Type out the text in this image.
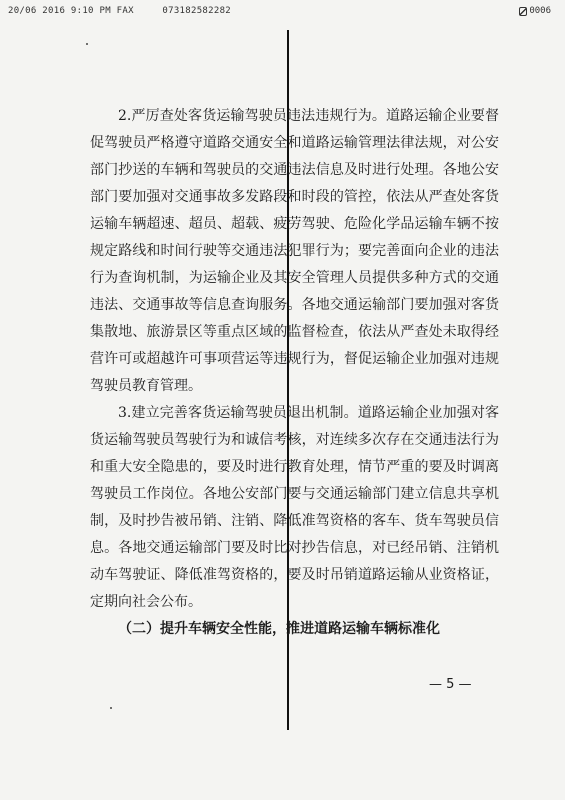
20/06 2016 9:10 PM FAX	073182582282	0006

2.严厉查处客货运输驾驶员违法违规行为。道路运输企业要督促驾驶员严格遵守道路交通安全和道路运输管理法律法规，对公安部门抄送的车辆和驾驶员的交通违法信息及时进行处理。各地公安部门要加强对交通事故多发路段和时段的管控，依法从严查处客货运输车辆超速、超员、超载、疲劳驾驶、危险化学品运输车辆不按规定路线和时间行驶等交通违法犯罪行为；要完善面向企业的违法行为查询机制，为运输企业及其安全管理人员提供多种方式的交通违法、交通事故等信息查询服务。各地交通运输部门要加强对客货集散地、旅游景区等重点区域的监督检查，依法从严查处未取得经营许可或超越许可事项营运等违规行为，督促运输企业加强对违规驾驶员教育管理。

3.建立完善客货运输驾驶员退出机制。道路运输企业加强对客货运输驾驶员驾驶行为和诚信考核，对连续多次存在交通违法行为和重大安全隐患的，要及时进行教育处理，情节严重的要及时调离驾驶员工作岗位。各地公安部门要与交通运输部门建立信息共享机制，及时抄告被吊销、注销、降低准驾资格的客车、货车驾驶员信息。各地交通运输部门要及时比对抄告信息，对已经吊销、注销机动车驾驶证、降低准驾资格的，要及时吊销道路运输从业资格证，定期向社会公布。

（二）提升车辆安全性能，推进道路运输车辆标准化

— 5 —
